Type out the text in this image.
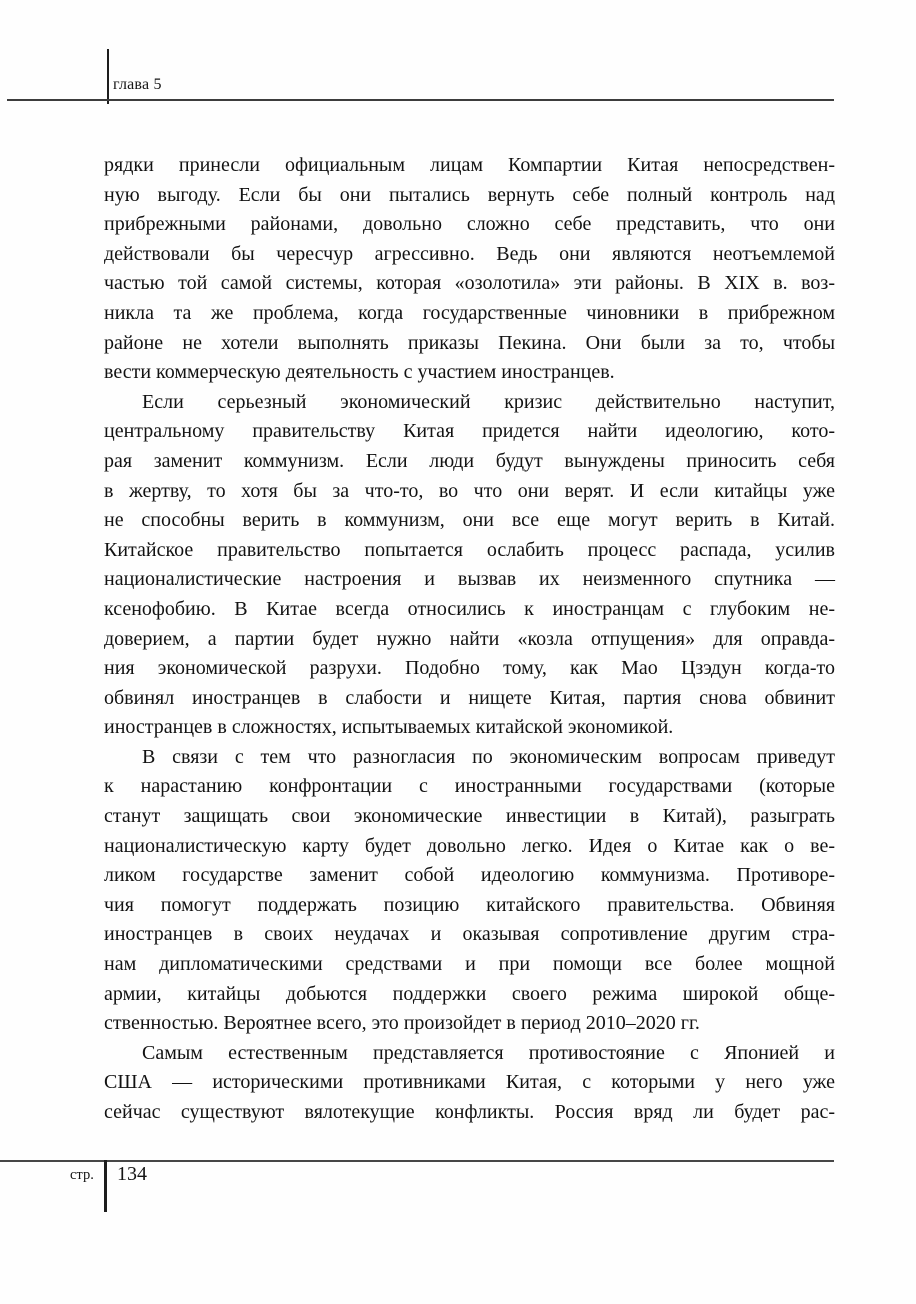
глава 5
рядки принесли официальным лицам Компартии Китая непосредствен-
ную выгоду. Если бы они пытались вернуть себе полный контроль над
прибрежными районами, довольно сложно себе представить, что они
действовали бы чересчур агрессивно. Ведь они являются неотъемлемой
частью той самой системы, которая «озолотила» эти районы. В XIX в. воз-
никла та же проблема, когда государственные чиновники в прибрежном
районе не хотели выполнять приказы Пекина. Они были за то, чтобы
вести коммерческую деятельность с участием иностранцев.
Если серьезный экономический кризис действительно наступит,
центральному правительству Китая придется найти идеологию, кото-
рая заменит коммунизм. Если люди будут вынуждены приносить себя
в жертву, то хотя бы за что-то, во что они верят. И если китайцы уже
не способны верить в коммунизм, они все еще могут верить в Китай.
Китайское правительство попытается ослабить процесс распада, усилив
националистические настроения и вызвав их неизменного спутника —
ксенофобию. В Китае всегда относились к иностранцам с глубоким не-
доверием, а партии будет нужно найти «козла отпущения» для оправда-
ния экономической разрухи. Подобно тому, как Мао Цзэдун когда-то
обвинял иностранцев в слабости и нищете Китая, партия снова обвинит
иностранцев в сложностях, испытываемых китайской экономикой.
В связи с тем что разногласия по экономическим вопросам приведут
к нарастанию конфронтации с иностранными государствами (которые
станут защищать свои экономические инвестиции в Китай), разыграть
националистическую карту будет довольно легко. Идея о Китае как о ве-
ликом государстве заменит собой идеологию коммунизма. Противоре-
чия помогут поддержать позицию китайского правительства. Обвиняя
иностранцев в своих неудачах и оказывая сопротивление другим стра-
нам дипломатическими средствами и при помощи все более мощной
армии, китайцы добьются поддержки своего режима широкой обще-
ственностью. Вероятнее всего, это произойдет в период 2010–2020 гг.
Самым естественным представляется противостояние с Японией и
США — историческими противниками Китая, с которыми у него уже
сейчас существуют вялотекущие конфликты. Россия вряд ли будет рас-
стр. 134
